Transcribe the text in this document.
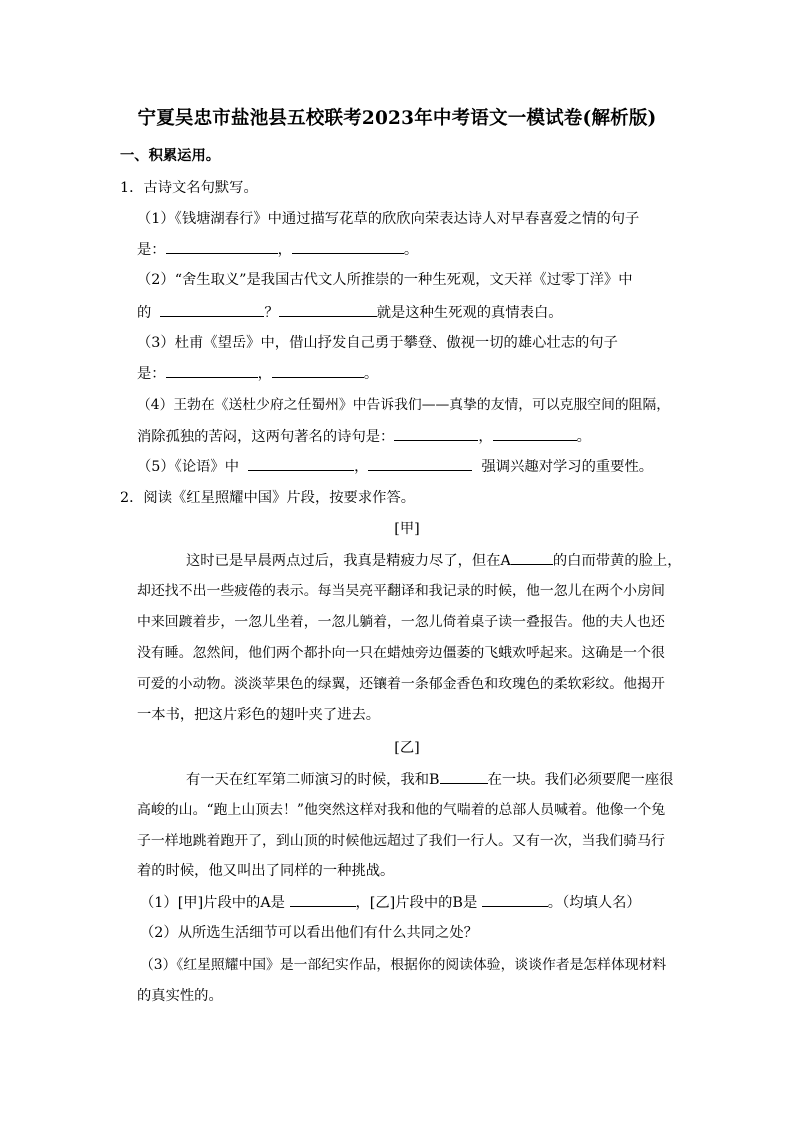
宁夏吴忠市盐池县五校联考2023年中考语文一模试卷(解析版)
一、积累运用。
1．古诗文名句默写。
（1）《钱塘湖春行》中通过描写花草的欣欣向荣表达诗人对早春喜爱之情的句子
是：	，	。
（2）“舍生取义”是我国古代文人所推崇的一种生死观，文天祥《过零丁洋》中
的	？	就是这种生死观的真情表白。
（3）杜甫《望岳》中，借山抒发自己勇于攀登、傲视一切的雄心壮志的句子
是：	，	。
（4）王勃在《送杜少府之任蜀州》中告诉我们——真挚的友情，可以克服空间的阻隔，
消除孤独的苦闷，这两句著名的诗句是：	，	。
（5）《论语》中	，	强调兴趣对学习的重要性。
2．阅读《红星照耀中国》片段，按要求作答。
[甲]
这时已是早晨两点过后，我真是精疲力尽了，但在A	的白而带黄的脸上，
却还找不出一些疲倦的表示。每当吴亮平翻译和我记录的时候，他一忽儿在两个小房间
中来回踱着步，一忽儿坐着，一忽儿躺着，一忽儿倚着桌子读一叠报告。他的夫人也还
没有睡。忽然间，他们两个都扑向一只在蜡烛旁边僵萎的飞蛾欢呼起来。这确是一个很
可爱的小动物。淡淡苹果色的绿翼，还镶着一条郁金香色和玫瑰色的柔软彩纹。他揭开
一本书，把这片彩色的翅叶夹了进去。
[乙]
有一天在红军第二师演习的时候，我和B	在一块。我们必须要爬一座很
高峻的山。“跑上山顶去！”他突然这样对我和他的气喘着的总部人员喊着。他像一个兔
子一样地跳着跑开了，到山顶的时候他远超过了我们一行人。又有一次，当我们骑马行
着的时候，他又叫出了同样的一种挑战。
（1）[甲]片段中的A是	，[乙]片段中的B是	。（均填人名）
（2）从所选生活细节可以看出他们有什么共同之处？
（3）《红星照耀中国》是一部纪实作品，根据你的阅读体验，谈谈作者是怎样体现材料
的真实性的。
